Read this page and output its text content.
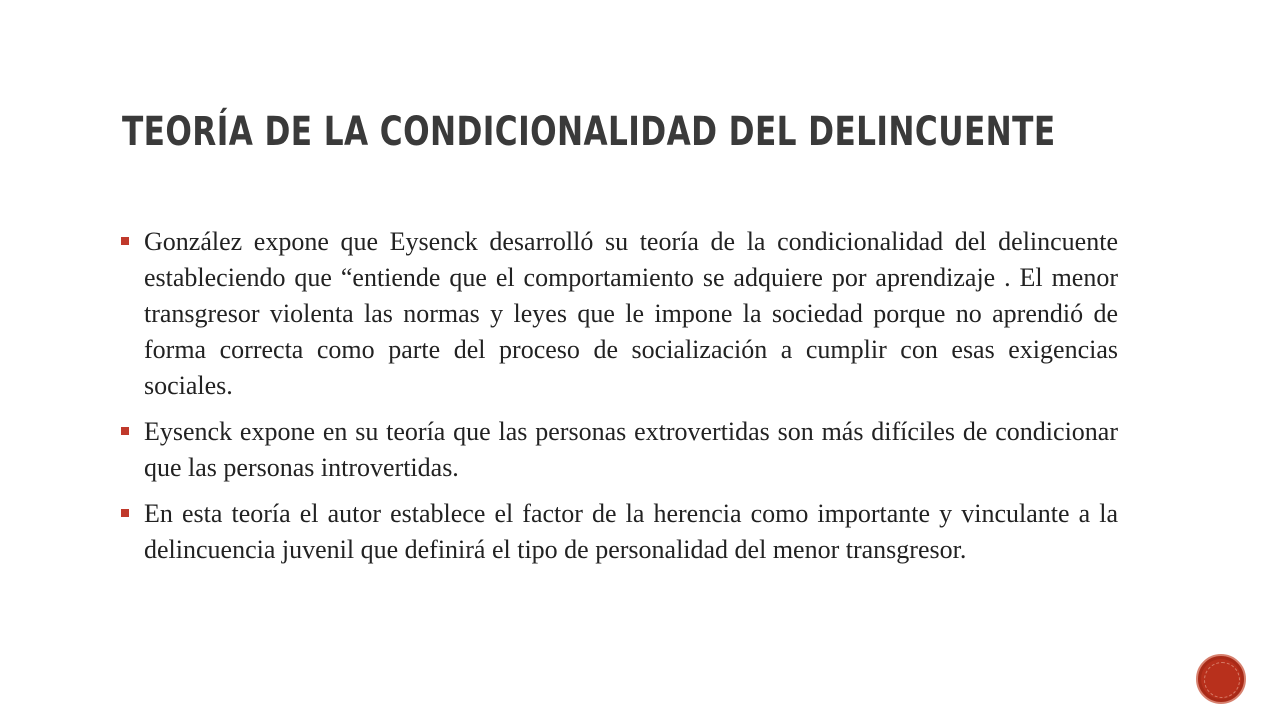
TEORÍA DE LA CONDICIONALIDAD DEL DELINCUENTE
González expone que Eysenck desarrolló su teoría de la condicionalidad del delincuente estableciendo que “entiende que el comportamiento se adquiere por aprendizaje . El menor transgresor violenta las normas y leyes que le impone la sociedad porque no aprendió de forma correcta como parte del proceso de socialización a cumplir con esas exigencias sociales.
Eysenck expone en su teoría que las personas extrovertidas son más difíciles de condicionar que las personas introvertidas.
En esta teoría el autor establece el factor de la herencia como importante y vinculante a la delincuencia juvenil que definirá el tipo de personalidad del menor transgresor.
